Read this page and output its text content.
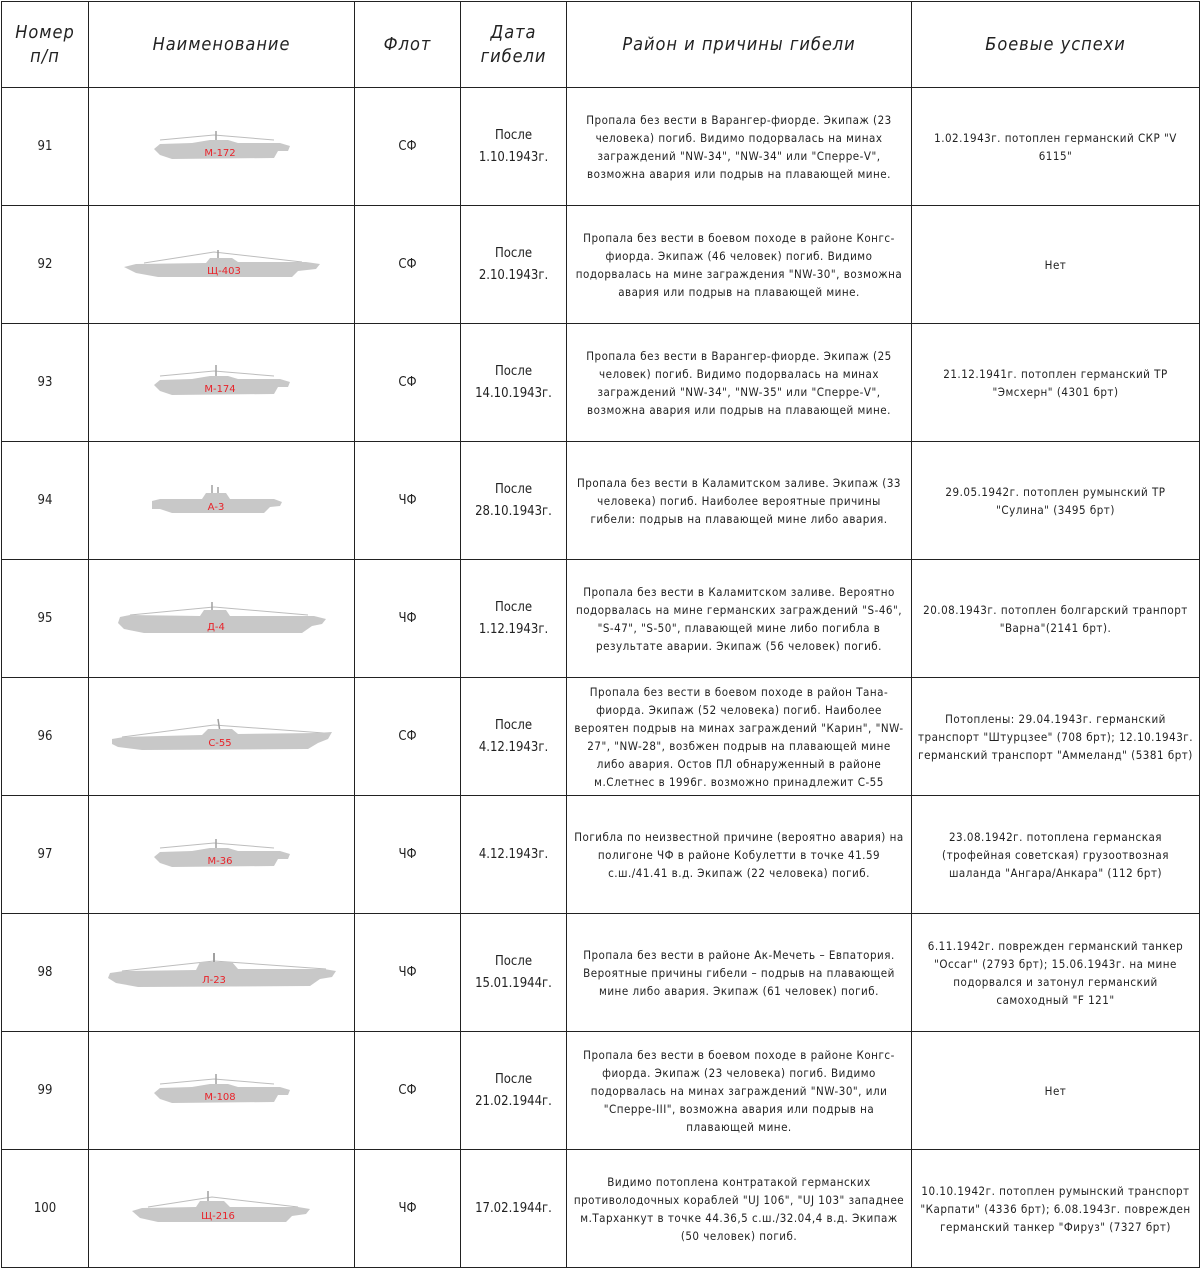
Номер п/п	Наименование	Флот	Дата гибели	Район и причины гибели	Боевые успехи
91	М-172	СФ	После 1.10.1943г.	Пропала без вести в Варангер-фиорде. Экипаж (23 человека) погиб. Видимо подорвалась на минах заграждений "NW-34", "NW-34" или "Сперре-V", возможна авария или подрыв на плавающей мине.	1.02.1943г. потоплен германский СКР "V 6115"
92	Щ-403	СФ	После 2.10.1943г.	Пропала без вести в боевом походе в районе Конгс-фиорда. Экипаж (46 человек) погиб. Видимо подорвалась на мине заграждения "NW-30", возможна авария или подрыв на плавающей мине.	Нет
93	М-174	СФ	После 14.10.1943г.	Пропала без вести в Варангер-фиорде. Экипаж (25 человек) погиб. Видимо подорвалась на минах заграждений "NW-34", "NW-35" или "Сперре-V", возможна авария или подрыв на плавающей мине.	21.12.1941г. потоплен германский ТР "Эмсхерн" (4301 брт)
94	А-3	ЧФ	После 28.10.1943г.	Пропала без вести в Каламитском заливе. Экипаж (33 человека) погиб. Наиболее вероятные причины гибели: подрыв на плавающей мине либо авария.	29.05.1942г. потоплен румынский ТР "Сулина" (3495 брт)
95	Д-4	ЧФ	После 1.12.1943г.	Пропала без вести в Каламитском заливе. Вероятно подорвалась на мине германских заграждений "S-46", "S-47", "S-50", плавающей мине либо погибла в результате аварии. Экипаж (56 человек) погиб.	20.08.1943г. потоплен болгарский транпорт "Варна"(2141 брт).
96	С-55	СФ	После 4.12.1943г.	Пропала без вести в боевом походе в район Тана-фиорда. Экипаж (52 человека) погиб. Наиболее вероятен подрыв на минах заграждений "Карин", "NW-27", "NW-28", возбжен подрыв на плавающей мине либо авария. Остов ПЛ обнаруженный в районе м.Слетнес в 1996г. возможно принадлежит С-55	Потоплены: 29.04.1943г. германский транспорт "Штурцзее" (708 брт); 12.10.1943г. германский транспорт "Аммеланд" (5381 брт)
97	М-36	ЧФ	4.12.1943г.	Погибла по неизвестной причине (вероятно авария) на полигоне ЧФ в районе Кобулетти в точке 41.59 с.ш./41.41 в.д. Экипаж (22 человека) погиб.	23.08.1942г. потоплена германская (трофейная советская) грузоотвозная шаланда "Ангара/Анкара" (112 брт)
98	Л-23	ЧФ	После 15.01.1944г.	Пропала без вести в районе Ак-Мечеть – Евпатория. Вероятные причины гибели – подрыв на плавающей мине либо авария. Экипаж (61 человек) погиб.	6.11.1942г. поврежден германский танкер "Оссаг" (2793 брт); 15.06.1943г. на мине подорвался и затонул германский самоходный "F 121"
99	М-108	СФ	После 21.02.1944г.	Пропала без вести в боевом походе в районе Конгс-фиорда. Экипаж (23 человека) погиб. Видимо подорвалась на минах заграждений "NW-30", или "Сперре-III", возможна авария или подрыв на плавающей мине.	Нет
100	Щ-216	ЧФ	17.02.1944г.	Видимо потоплена контратакой германских противолодочных кораблей "UJ 106", "UJ 103" западнее м.Тарханкут в точке 44.36,5 с.ш./32.04,4 в.д. Экипаж (50 человек) погиб.	10.10.1942г. потоплен румынский транспорт "Карпати" (4336 брт); 6.08.1943г. поврежден германский танкер "Фируз" (7327 брт)
